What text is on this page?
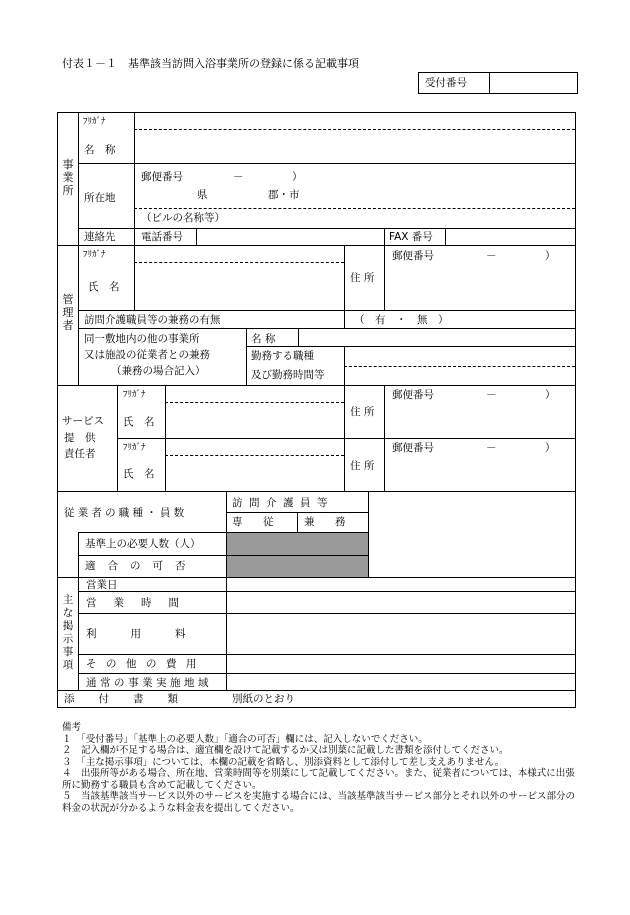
付表１－１　基準該当訪問入浴事業所の登録に係る記載事項
受付番号
事業所
ﾌﾘｶﾞﾅ
名　称
所在地
郵便番号	－	）
県	郡・市
（ビルの名称等）
連絡先 電話番号	FAX 番号
管
理
者
ﾌﾘｶﾞﾅ
氏　名
住 所
郵便番号	－	）
訪問介護職員等の兼務の有無	（　有　・　無　）
同一敷地内の他の事業所
又は施設の従業者との兼務
（兼務の場合記入）
名 称
勤務する職種
及び勤務時間等
サービス
提　供
責任者
ﾌﾘｶﾞﾅ
氏　名
住 所
郵便番号	－	）
ﾌﾘｶﾞﾅ
氏　名
住 所
郵便番号	－	）
従業者の職種・員数
訪問介護員等
専　従 兼　務
基準上の必要人数（人）
適合の可否
主
な
掲
示
事
項
営業日
営業時間
利用料
その他の費用
通常の事業実施地域
添付書類	別紙のとおり
備考
１　「受付番号」「基準上の必要人数」「適合の可否」欄には、記入しないでください。
２　記入欄が不足する場合は、適宜欄を設けて記載するか又は別葉に記載した書類を添付してください。
３　「主な掲示事項」については、本欄の記載を省略し、別添資料として添付して差し支えありません。
４　出張所等がある場合、所在地、営業時間等を別葉にして記載してください。また、従業者については、本様式に出張所に勤務する職員も含めて記載してください。
５　当該基準該当サービス以外のサービスを実施する場合には、当該基準該当サービス部分とそれ以外のサービス部分の料金の状況が分かるような料金表を提出してください。
